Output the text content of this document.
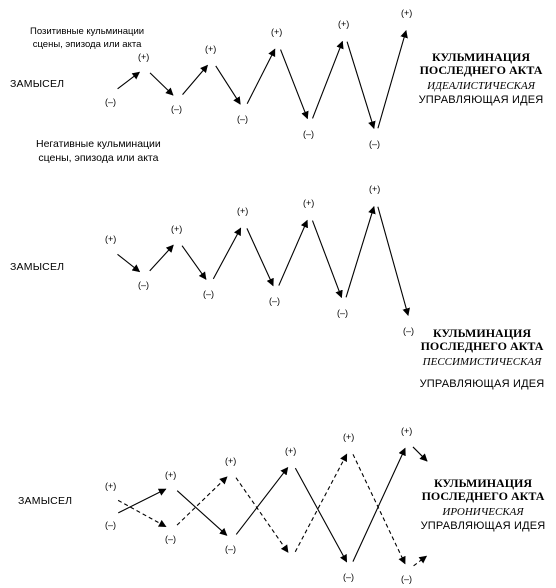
Позитивные кульминации
сцены, эпизода или акта
Негативные кульминации
сцены, эпизода или акта
ЗАМЫСЕЛ
ЗАМЫСЕЛ
ЗАМЫСЕЛ
КУЛЬМИНАЦИЯ
ПОСЛЕДНЕГО АКТА
ИДЕАЛИСТИЧЕСКАЯ
УПРАВЛЯЮЩАЯ ИДЕЯ
КУЛЬМИНАЦИЯ
ПОСЛЕДНЕГО АКТА
ПЕССИМИСТИЧЕСКАЯ
УПРАВЛЯЮЩАЯ ИДЕЯ
КУЛЬМИНАЦИЯ
ПОСЛЕДНЕГО АКТА
ИРОНИЧЕСКАЯ
УПРАВЛЯЮЩАЯ ИДЕЯ
(–)
(+)
(–)
(+)
(–)
(+)
(–)
(+)
(–)
(+)
(+)
(–)
(+)
(–)
(+)
(–)
(+)
(–)
(+)
(–)
(–)
(+)
(–)
(+)
(–)
(+)
(+)
(–)
(+)
(+)
(–)
